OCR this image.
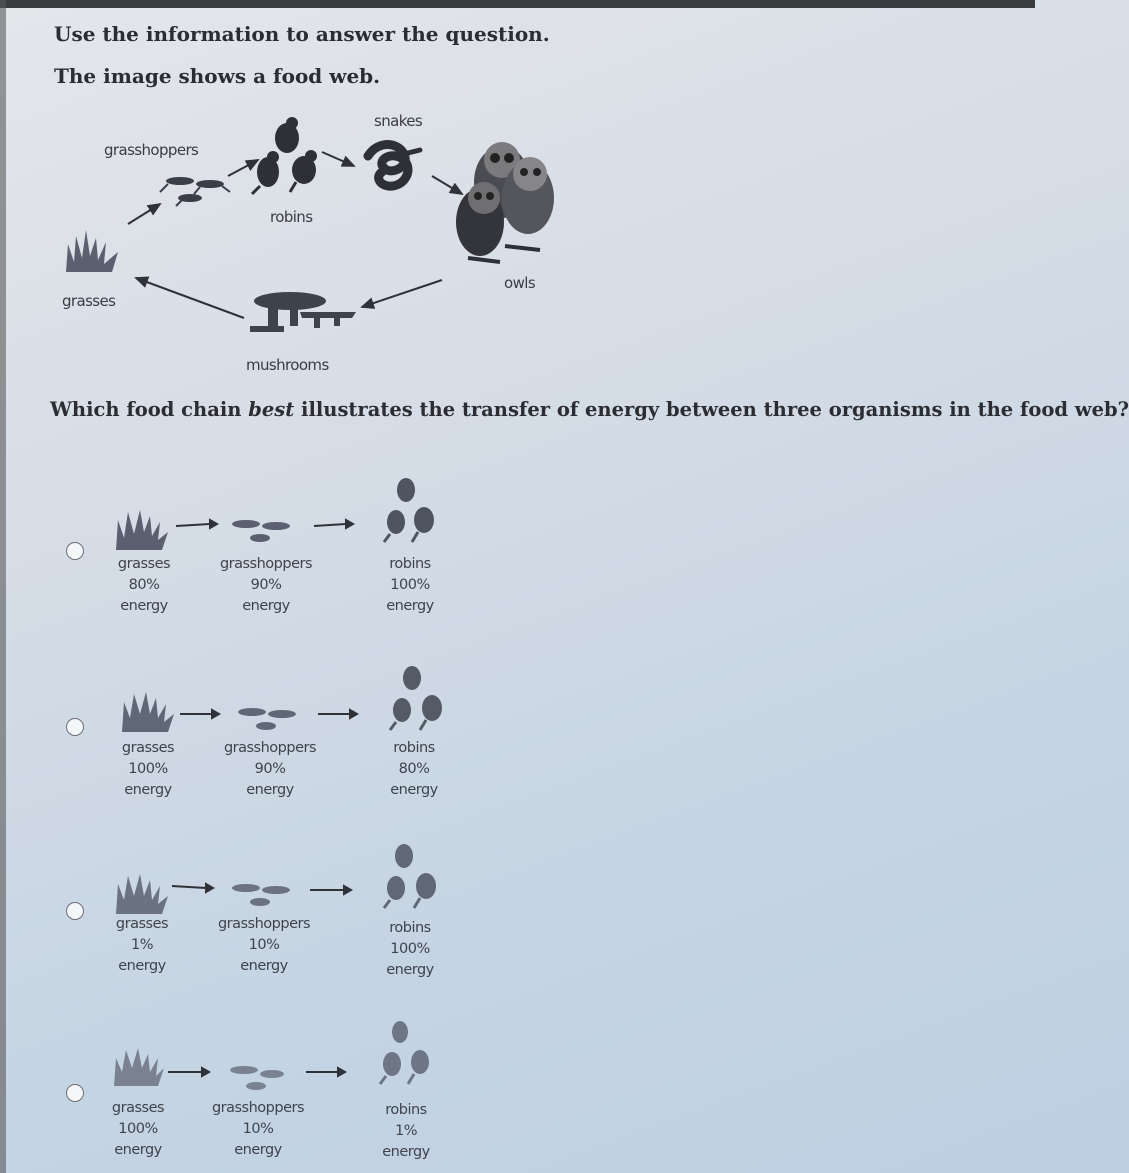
Use the information to answer the question.
The image shows a food web.
grasshoppers
snakes
robins
owls
grasses
mushrooms
Which food chain best illustrates the transfer of energy between three organisms in the food web?
grasses
80%
energy
grasshoppers
90%
energy
robins
100%
energy
grasses
100%
energy
grasshoppers
90%
energy
robins
80%
energy
grasses
1%
energy
grasshoppers
10%
energy
robins
100%
energy
grasses
100%
energy
grasshoppers
10%
energy
robins
1%
energy
